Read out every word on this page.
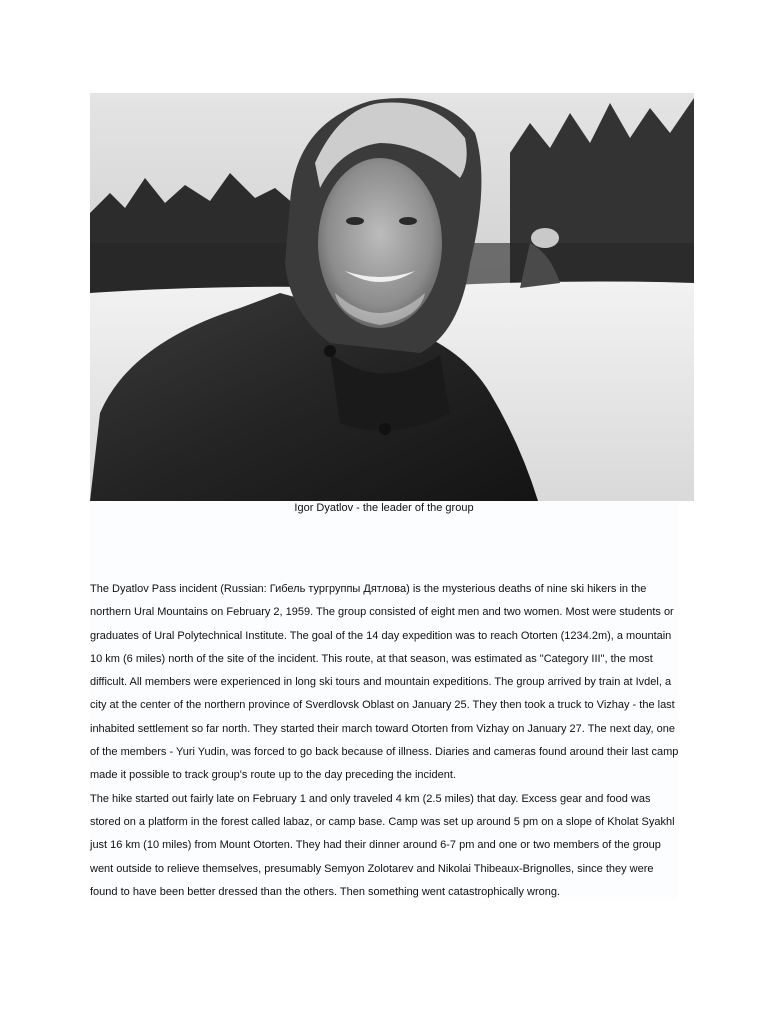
Igor Dyatlov - the leader of the group

The Dyatlov Pass incident (Russian: Гибель тургруппы Дятлова) is the mysterious deaths of nine ski hikers in the northern Ural Mountains on February 2, 1959. The group consisted of eight men and two women. Most were students or graduates of Ural Polytechnical Institute. The goal of the 14 day expedition was to reach Otorten (1234.2m), a mountain 10 km (6 miles) north of the site of the incident. This route, at that season, was estimated as "Category III", the most difficult. All members were experienced in long ski tours and mountain expeditions. The group arrived by train at Ivdel, a city at the center of the northern province of Sverdlovsk Oblast on January 25. They then took a truck to Vizhay - the last inhabited settlement so far north. They started their march toward Otorten from Vizhay on January 27. The next day, one of the members - Yuri Yudin, was forced to go back because of illness. Diaries and cameras found around their last camp made it possible to track group's route up to the day preceding the incident.

The hike started out fairly late on February 1 and only traveled 4 km (2.5 miles) that day. Excess gear and food was stored on a platform in the forest called labaz, or camp base. Camp was set up around 5 pm on a slope of Kholat Syakhl just 16 km (10 miles) from Mount Otorten. They had their dinner around 6-7 pm and one or two members of the group went outside to relieve themselves, presumably Semyon Zolotarev and Nikolai Thibeaux-Brignolles, since they were found to have been better dressed than the others. Then something went catastrophically wrong.
